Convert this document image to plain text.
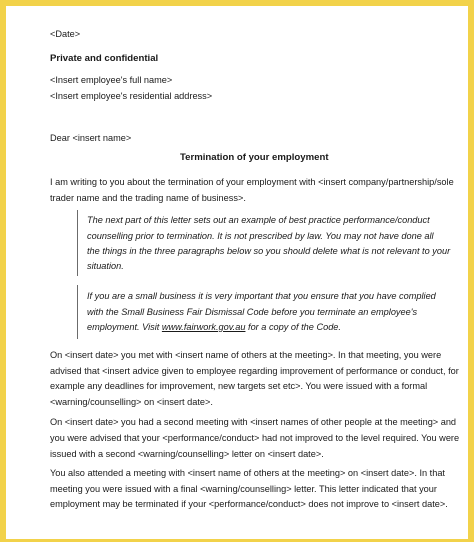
<Date>
Private and confidential
<Insert employee's full name>
<Insert employee's residential address>
Dear <insert name>
Termination of your employment
I am writing to you about the termination of your employment with <insert company/partnership/sole
trader name and the trading name of business>.
The next part of this letter sets out an example of best practice performance/conduct
counselling prior to termination. It is not prescribed by law. You may not have done all
the things in the three paragraphs below so you should delete what is not relevant to your
situation.
If you are a small business it is very important that you ensure that you have complied
with the Small Business Fair Dismissal Code before you terminate an employee's
employment. Visit www.fairwork.gov.au for a copy of the Code.
On <insert date> you met with <insert name of others at the meeting>. In that meeting, you were
advised that <insert advice given to employee regarding improvement of performance or conduct, for
example any deadlines for improvement, new targets set etc>. You were issued with a formal
<warning/counselling> on <insert date>.
On <insert date> you had a second meeting with <insert names of other people at the meeting> and
you were advised that your <performance/conduct> had not improved to the level required. You were
issued with a second <warning/counselling> letter on <insert date>.
You also attended a meeting with <insert name of others at the meeting> on <insert date>. In that
meeting you were issued with a final <warning/counselling> letter. This letter indicated that your
employment may be terminated if your <performance/conduct> does not improve to <insert date>.
